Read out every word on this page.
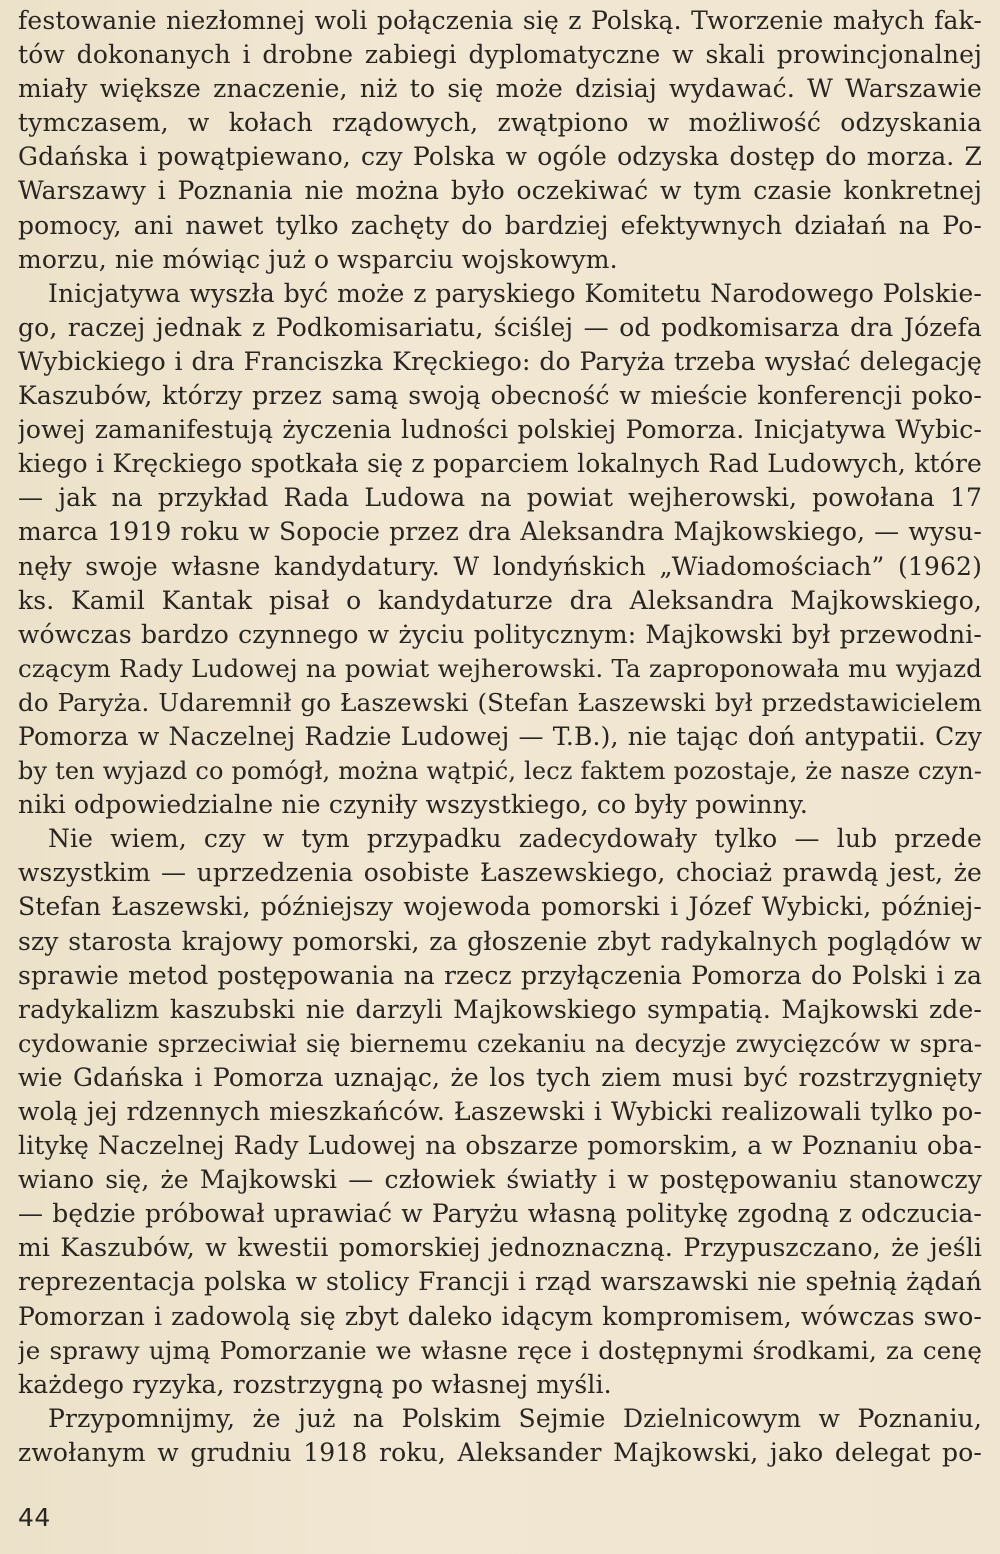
festowanie niezłomnej woli połączenia się z Polską. Tworzenie małych fak-
tów dokonanych i drobne zabiegi dyplomatyczne w skali prowincjonalnej
miały większe znaczenie, niż to się może dzisiaj wydawać. W Warszawie
tymczasem, w kołach rządowych, zwątpiono w możliwość odzyskania
Gdańska i powątpiewano, czy Polska w ogóle odzyska dostęp do morza. Z
Warszawy i Poznania nie można było oczekiwać w tym czasie konkretnej
pomocy, ani nawet tylko zachęty do bardziej efektywnych działań na Po-
morzu, nie mówiąc już o wsparciu wojskowym.

Inicjatywa wyszła być może z paryskiego Komitetu Narodowego Polskie-
go, raczej jednak z Podkomisariatu, ściślej — od podkomisarza dra Józefa
Wybickiego i dra Franciszka Kręckiego: do Paryża trzeba wysłać delegację
Kaszubów, którzy przez samą swoją obecność w mieście konferencji poko-
jowej zamanifestują życzenia ludności polskiej Pomorza. Inicjatywa Wybic-
kiego i Kręckiego spotkała się z poparciem lokalnych Rad Ludowych, które
— jak na przykład Rada Ludowa na powiat wejherowski, powołana 17
marca 1919 roku w Sopocie przez dra Aleksandra Majkowskiego, — wysu-
nęły swoje własne kandydatury. W londyńskich „Wiadomościach” (1962)
ks. Kamil Kantak pisał o kandydaturze dra Aleksandra Majkowskiego,
wówczas bardzo czynnego w życiu politycznym: Majkowski był przewodni-
czącym Rady Ludowej na powiat wejherowski. Ta zaproponowała mu wyjazd
do Paryża. Udaremnił go Łaszewski (Stefan Łaszewski był przedstawicielem
Pomorza w Naczelnej Radzie Ludowej — T.B.), nie tając doń antypatii. Czy
by ten wyjazd co pomógł, można wątpić, lecz faktem pozostaje, że nasze czyn-
niki odpowiedzialne nie czyniły wszystkiego, co były powinny.

Nie wiem, czy w tym przypadku zadecydowały tylko — lub przede
wszystkim — uprzedzenia osobiste Łaszewskiego, chociaż prawdą jest, że
Stefan Łaszewski, późniejszy wojewoda pomorski i Józef Wybicki, później-
szy starosta krajowy pomorski, za głoszenie zbyt radykalnych poglądów w
sprawie metod postępowania na rzecz przyłączenia Pomorza do Polski i za
radykalizm kaszubski nie darzyli Majkowskiego sympatią. Majkowski zde-
cydowanie sprzeciwiał się biernemu czekaniu na decyzje zwycięzców w spra-
wie Gdańska i Pomorza uznając, że los tych ziem musi być rozstrzygnięty
wolą jej rdzennych mieszkańców. Łaszewski i Wybicki realizowali tylko po-
litykę Naczelnej Rady Ludowej na obszarze pomorskim, a w Poznaniu oba-
wiano się, że Majkowski — człowiek światły i w postępowaniu stanowczy
— będzie próbował uprawiać w Paryżu własną politykę zgodną z odczucia-
mi Kaszubów, w kwestii pomorskiej jednoznaczną. Przypuszczano, że jeśli
reprezentacja polska w stolicy Francji i rząd warszawski nie spełnią żądań
Pomorzan i zadowolą się zbyt daleko idącym kompromisem, wówczas swo-
je sprawy ujmą Pomorzanie we własne ręce i dostępnymi środkami, za cenę
każdego ryzyka, rozstrzygną po własnej myśli.

Przypomnijmy, że już na Polskim Sejmie Dzielnicowym w Poznaniu,
zwołanym w grudniu 1918 roku, Aleksander Majkowski, jako delegat po-

44
